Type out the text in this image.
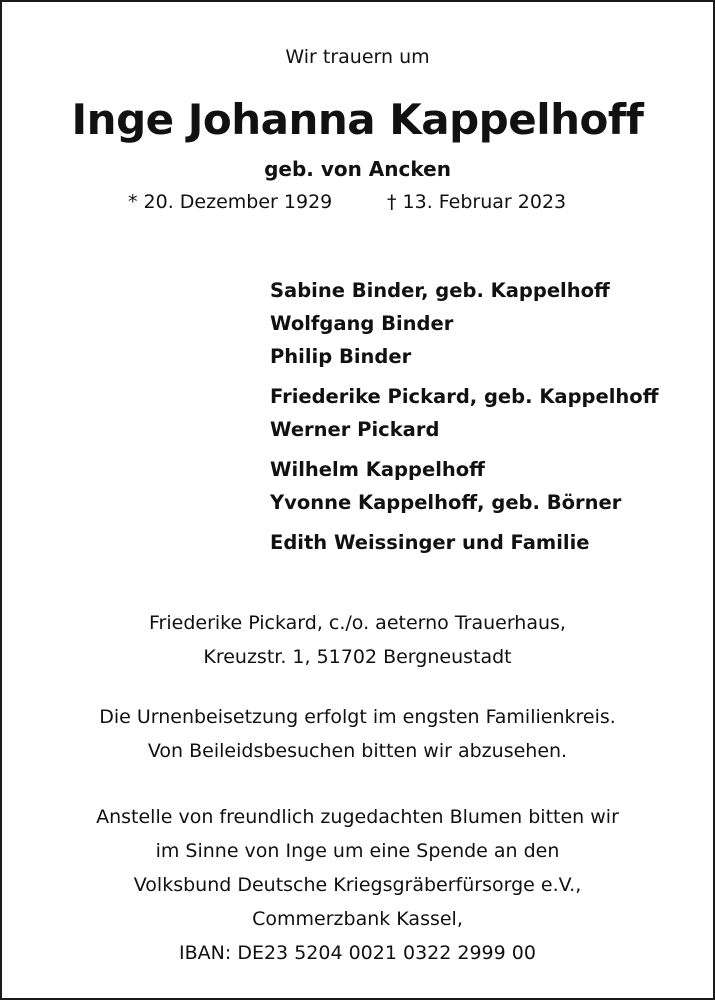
Wir trauern um
Inge Johanna Kappelhoff
geb. von Ancken
* 20. Dezember 1929	† 13. Februar 2023
Sabine Binder, geb. Kappelhoff
Wolfgang Binder
Philip Binder
Friederike Pickard, geb. Kappelhoff
Werner Pickard
Wilhelm Kappelhoff
Yvonne Kappelhoff, geb. Börner
Edith Weissinger und Familie
Friederike Pickard, c./o. aeterno Trauerhaus,
Kreuzstr. 1, 51702 Bergneustadt
Die Urnenbeisetzung erfolgt im engsten Familienkreis.
Von Beileidsbesuchen bitten wir abzusehen.
Anstelle von freundlich zugedachten Blumen bitten wir
im Sinne von Inge um eine Spende an den
Volksbund Deutsche Kriegsgräberfürsorge e.V.,
Commerzbank Kassel,
IBAN: DE23 5204 0021 0322 2999 00
